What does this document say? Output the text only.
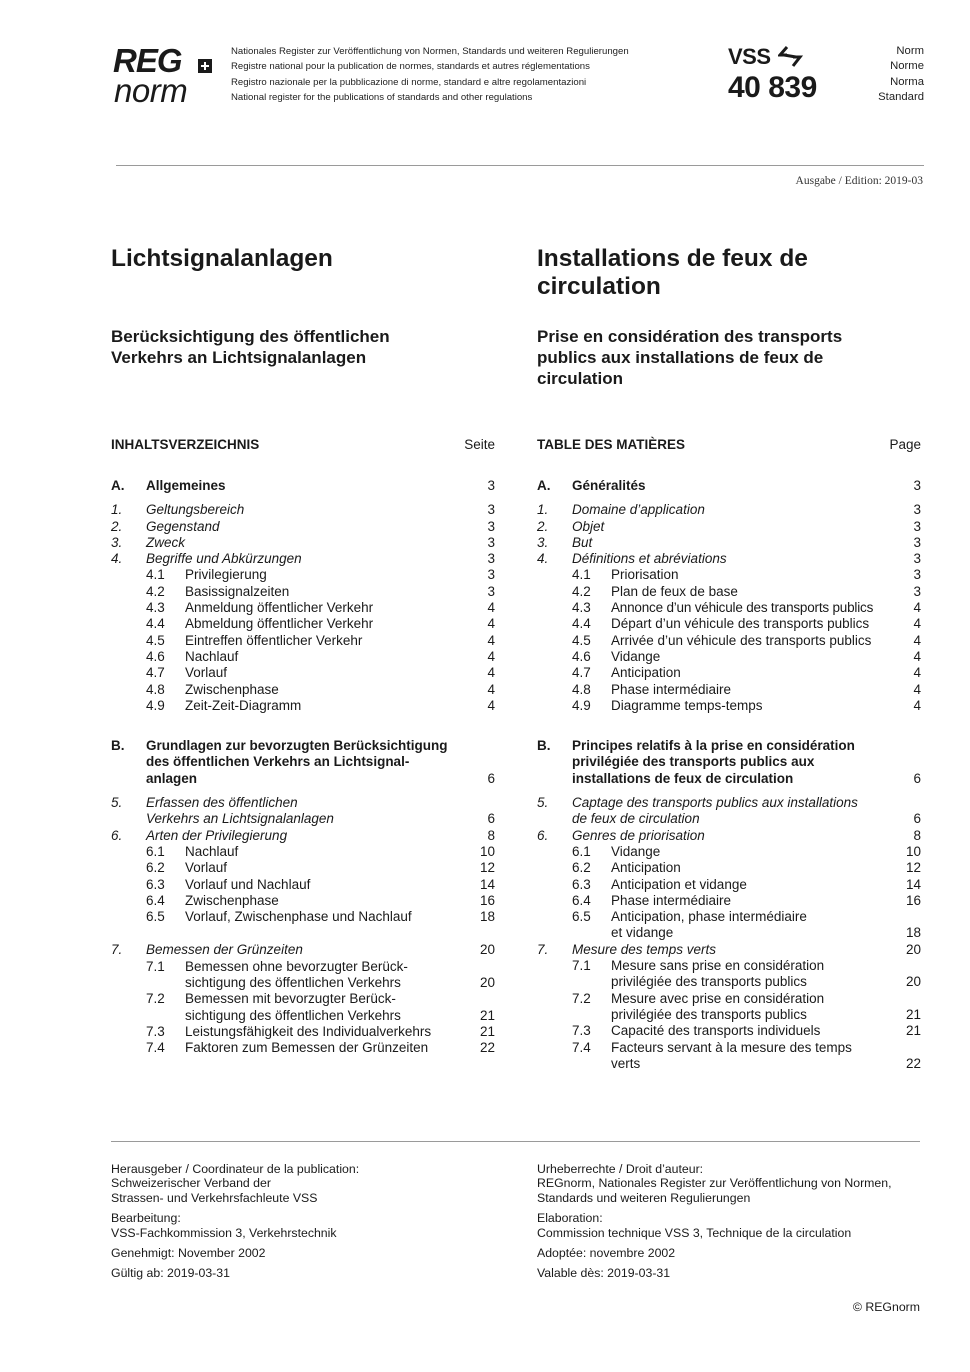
REG
norm
Nationales Register zur Veröffentlichung von Normen, Standards und weiteren Regulierungen
Registre national pour la publication de normes, standards et autres réglementations
Registro nazionale per la pubblicazione di norme, standard e altre regolamentazioni
National register for the publications of standards and other regulations
VSS
40 839
Norm
Norme
Norma
Standard
Ausgabe / Edition: 2019-03
Lichtsignalanlagen
Berücksichtigung des öffentlichen Verkehrs an Lichtsignalanlagen
INHALTSVERZEICHNIS	Seite
A. Allgemeines	3
1. Geltungsbereich	3
2. Gegenstand	3
3. Zweck	3
4. Begriffe und Abkürzungen	3
4.1 Privilegierung	3
4.2 Basissignalzeiten	3
4.3 Anmeldung öffentlicher Verkehr	4
4.4 Abmeldung öffentlicher Verkehr	4
4.5 Eintreffen öffentlicher Verkehr	4
4.6 Nachlauf	4
4.7 Vorlauf	4
4.8 Zwischenphase	4
4.9 Zeit-Zeit-Diagramm	4
B. Grundlagen zur bevorzugten Berücksichtigung des öffentlichen Verkehrs an Lichtsignal-anlagen	6
5. Erfassen des öffentlichen Verkehrs an Lichtsignalanlagen	6
6. Arten der Privilegierung	8
6.1 Nachlauf	10
6.2 Vorlauf	12
6.3 Vorlauf und Nachlauf	14
6.4 Zwischenphase	16
6.5 Vorlauf, Zwischenphase und Nachlauf	18
7. Bemessen der Grünzeiten	20
7.1 Bemessen ohne bevorzugter Berück-sichtigung des öffentlichen Verkehrs	20
7.2 Bemessen mit bevorzugter Berück-sichtigung des öffentlichen Verkehrs	21
7.3 Leistungsfähigkeit des Individualverkehrs	21
7.4 Faktoren zum Bemessen der Grünzeiten	22
Installations de feux de circulation
Prise en considération des transports publics aux installations de feux de circulation
TABLE DES MATIÈRES	Page
A. Généralités	3
1. Domaine d’application	3
2. Objet	3
3. But	3
4. Définitions et abréviations	3
4.1 Priorisation	3
4.2 Plan de feux de base	3
4.3 Annonce d’un véhicule des transports publics	4
4.4 Départ d’un véhicule des transports publics	4
4.5 Arrivée d’un véhicule des transports publics	4
4.6 Vidange	4
4.7 Anticipation	4
4.8 Phase intermédiaire	4
4.9 Diagramme temps-temps	4
B. Principes relatifs à la prise en considération privilégiée des transports publics aux installations de feux de circulation	6
5. Captage des transports publics aux installations de feux de circulation	6
6. Genres de priorisation	8
6.1 Vidange	10
6.2 Anticipation	12
6.3 Anticipation et vidange	14
6.4 Phase intermédiaire	16
6.5 Anticipation, phase intermédiaire et vidange	18
7. Mesure des temps verts	20
7.1 Mesure sans prise en considération privilégiée des transports publics	20
7.2 Mesure avec prise en considération privilégiée des transports publics	21
7.3 Capacité des transports individuels	21
7.4 Facteurs servant à la mesure des temps verts	22
Herausgeber / Coordinateur de la publication:
Schweizerischer Verband der
Strassen- und Verkehrsfachleute VSS
Bearbeitung:
VSS-Fachkommission 3, Verkehrstechnik
Genehmigt: November 2002
Gültig ab: 2019-03-31
Urheberrechte / Droit d’auteur:
REGnorm, Nationales Register zur Veröffentlichung von Normen,
Standards und weiteren Regulierungen
Elaboration:
Commission technique VSS 3, Technique de la circulation
Adoptée: novembre 2002
Valable dès: 2019-03-31
© REGnorm
